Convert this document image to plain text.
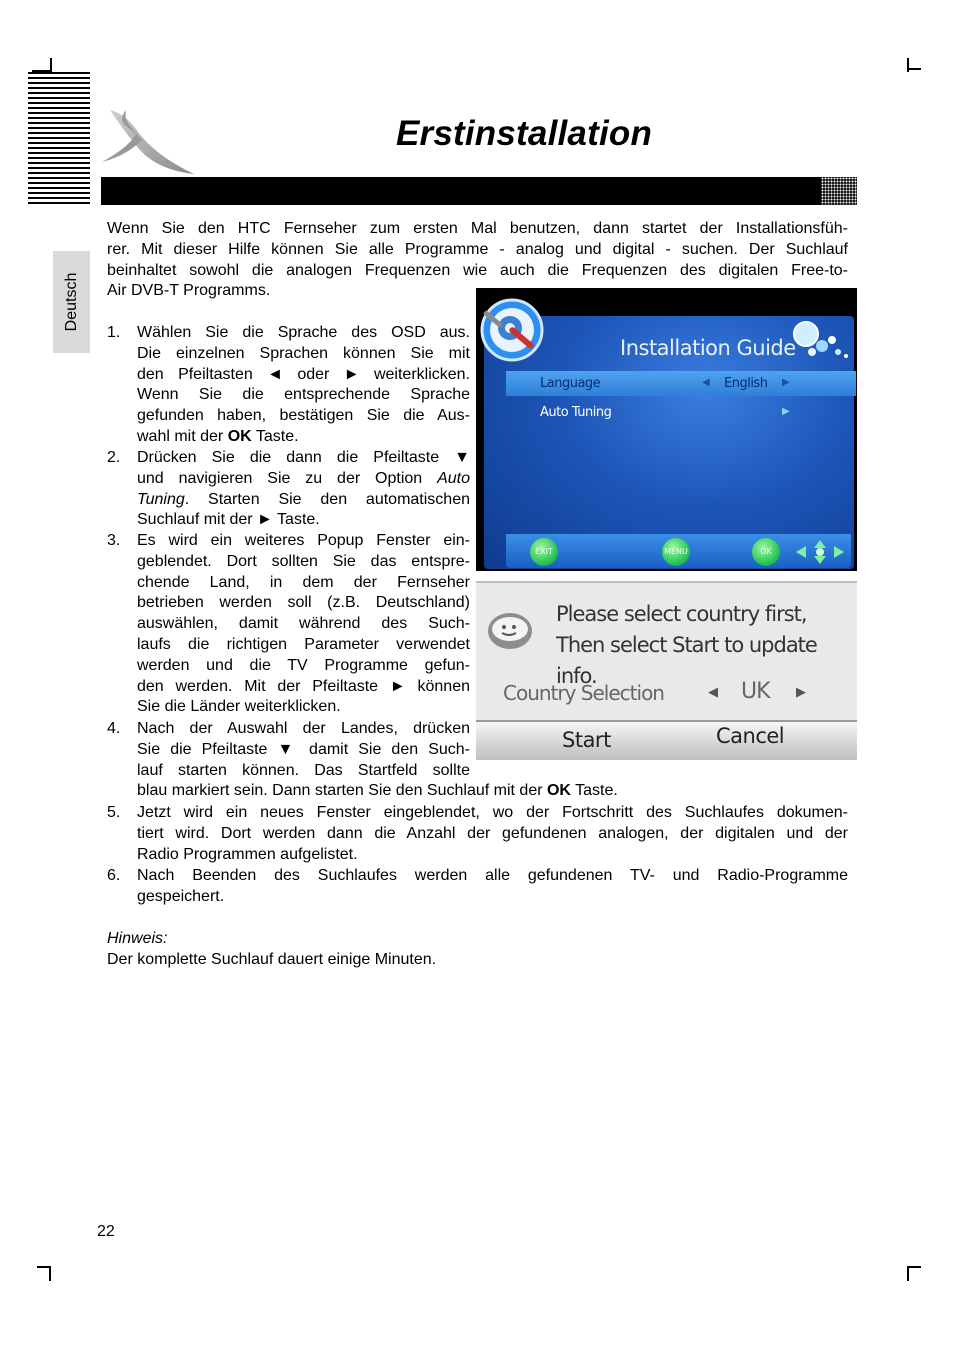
Erstinstallation
Deutsch
Wenn Sie den HTC Fernseher zum ersten Mal benutzen, dann startet der Installationsfüh-
rer. Mit dieser Hilfe können Sie alle Programme - analog und digital - suchen. Der Suchlauf
beinhaltet sowohl die analogen Frequenzen wie auch die Frequenzen des digitalen Free-to-
Air DVB-T Programms.
1. Wählen Sie die Sprache des OSD aus.
Die einzelnen Sprachen können Sie mit
den Pfeiltasten ◄ oder ► weiterklicken.
Wenn Sie die entsprechende Sprache
gefunden haben, bestätigen Sie die Aus-
wahl mit der OK Taste.
2. Drücken Sie die dann die Pfeiltaste ▼
und navigieren Sie zu der Option Auto
Tuning. Starten Sie den automatischen
Suchlauf mit der ► Taste.
3. Es wird ein weiteres Popup Fenster ein-
geblendet. Dort sollten Sie das entspre-
chende Land, in dem der Fernseher
betrieben werden soll (z.B. Deutschland)
auswählen, damit während des Such-
laufs die richtigen Parameter verwendet
werden und die TV Programme gefun-
den werden. Mit der Pfeiltaste ► können
Sie die Länder weiterklicken.
4. Nach der Auswahl der Landes, drücken
Sie die Pfeiltaste ▼ damit Sie den Such-
lauf starten können. Das Startfeld sollte
blau markiert sein. Dann starten Sie den Suchlauf mit der OK Taste.
5. Jetzt wird ein neues Fenster eingeblendet, wo der Fortschritt des Suchlaufes dokumen-
tiert wird. Dort werden dann die Anzahl der gefundenen analogen, der digitalen und der
Radio Programmen aufgelistet.
6. Nach Beenden des Suchlaufes werden alle gefundenen TV- und Radio-Programme
gespeichert.
Hinweis:
Der komplette Suchlauf dauert einige Minuten.
22
Installation Guide
Language	◀ English ▶
Auto Tuning	▶
EXIT	MENU	OK
Please select country first,
Then select Start to update info.
Country Selection	◀ UK ▶
Start	Cancel
